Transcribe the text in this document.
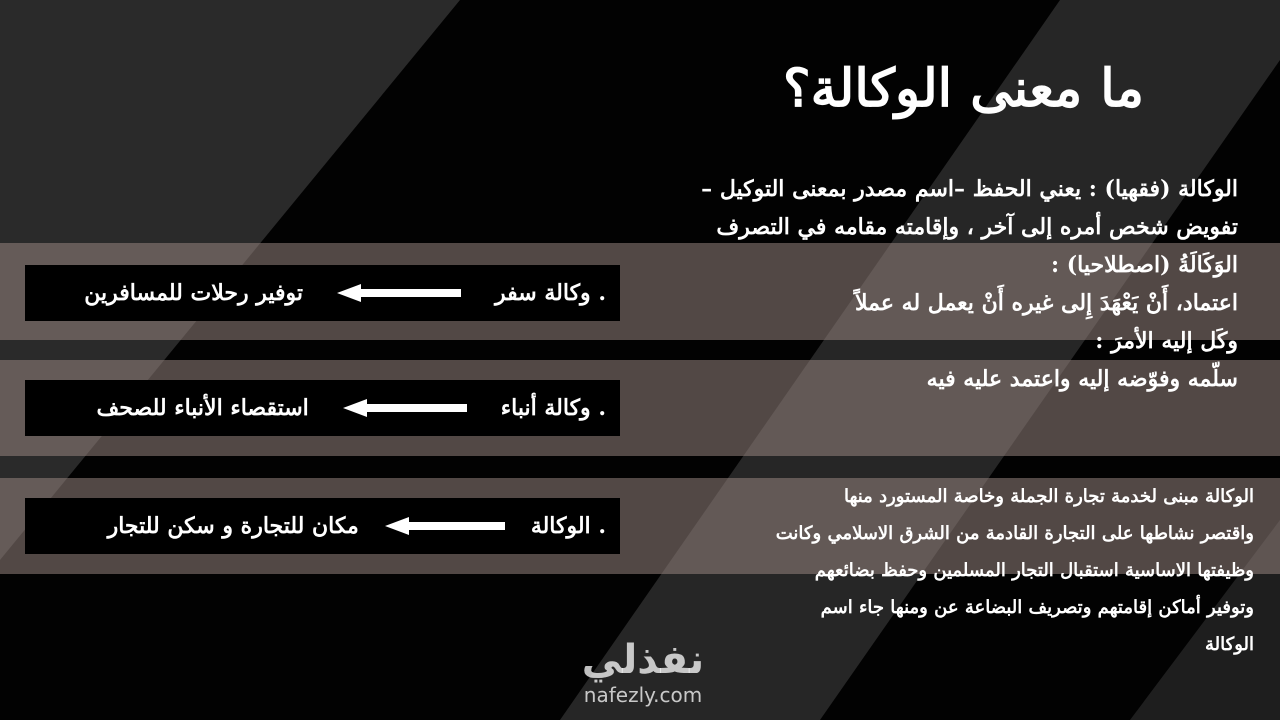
ما معنى الوكالة؟
الوكالة (فقهيا) : يعني الحفظ –اسم مصدر بمعنى التوكيل –
تفويض شخص أمره إلى آخر ، وإقامته مقامه في التصرف
الوَكَالَةُ (اصطلاحيا) :
اعتماد، أَنْ يَعْهَدَ إِلى غيره أَنْ يعمل له عملاً
وكَل إليه الأمرَ :
سلّمه وفوّضه إليه واعتمد عليه فيه
. وكالة سفر
توفير رحلات للمسافرين
. وكالة أنباء
استقصاء الأنباء للصحف
. الوكالة
مكان للتجارة و سكن للتجار
الوكالة مبنى لخدمة تجارة الجملة وخاصة المستورد منها
واقتصر نشاطها على التجارة القادمة من الشرق الاسلامي وكانت
وظيفتها الاساسية استقبال التجار المسلمين وحفظ بضائعهم
وتوفير أماكن إقامتهم وتصريف البضاعة عن ومنها جاء اسم
الوكالة
نفذلي
nafezly.com
